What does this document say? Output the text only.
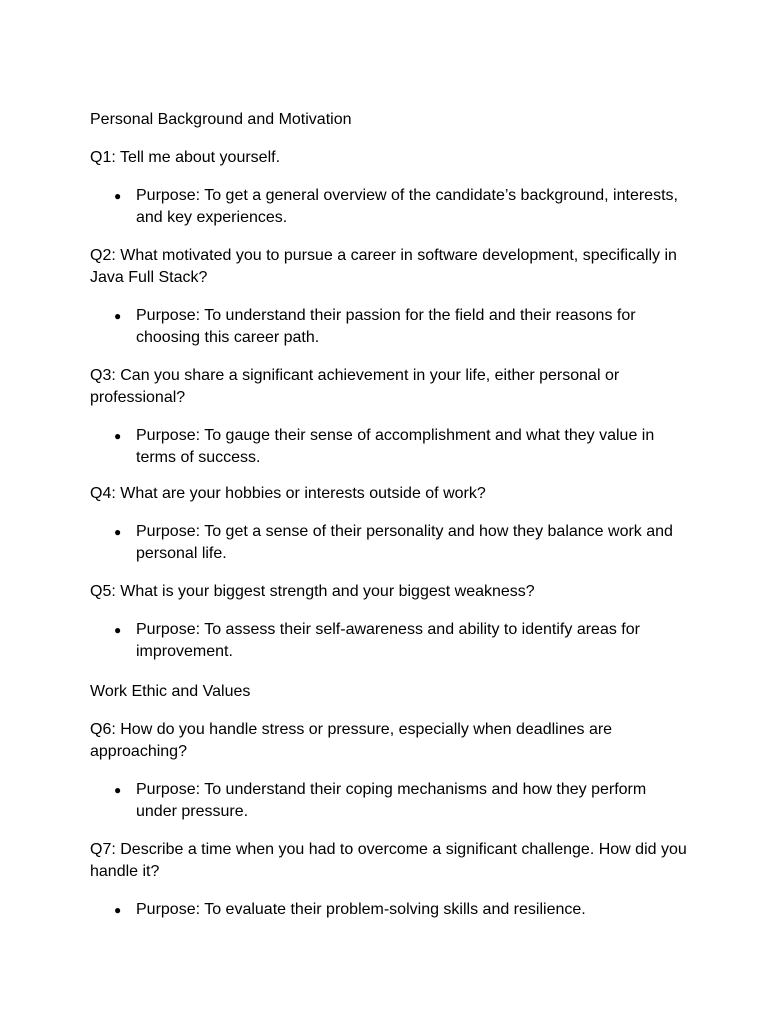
Personal Background and Motivation

Q1: Tell me about yourself.

● Purpose: To get a general overview of the candidate’s background, interests, and key experiences.

Q2: What motivated you to pursue a career in software development, specifically in Java Full Stack?

● Purpose: To understand their passion for the field and their reasons for choosing this career path.

Q3: Can you share a significant achievement in your life, either personal or professional?

● Purpose: To gauge their sense of accomplishment and what they value in terms of success.

Q4: What are your hobbies or interests outside of work?

● Purpose: To get a sense of their personality and how they balance work and personal life.

Q5: What is your biggest strength and your biggest weakness?

● Purpose: To assess their self-awareness and ability to identify areas for improvement.

Work Ethic and Values

Q6: How do you handle stress or pressure, especially when deadlines are approaching?

● Purpose: To understand their coping mechanisms and how they perform under pressure.

Q7: Describe a time when you had to overcome a significant challenge. How did you handle it?

● Purpose: To evaluate their problem-solving skills and resilience.
